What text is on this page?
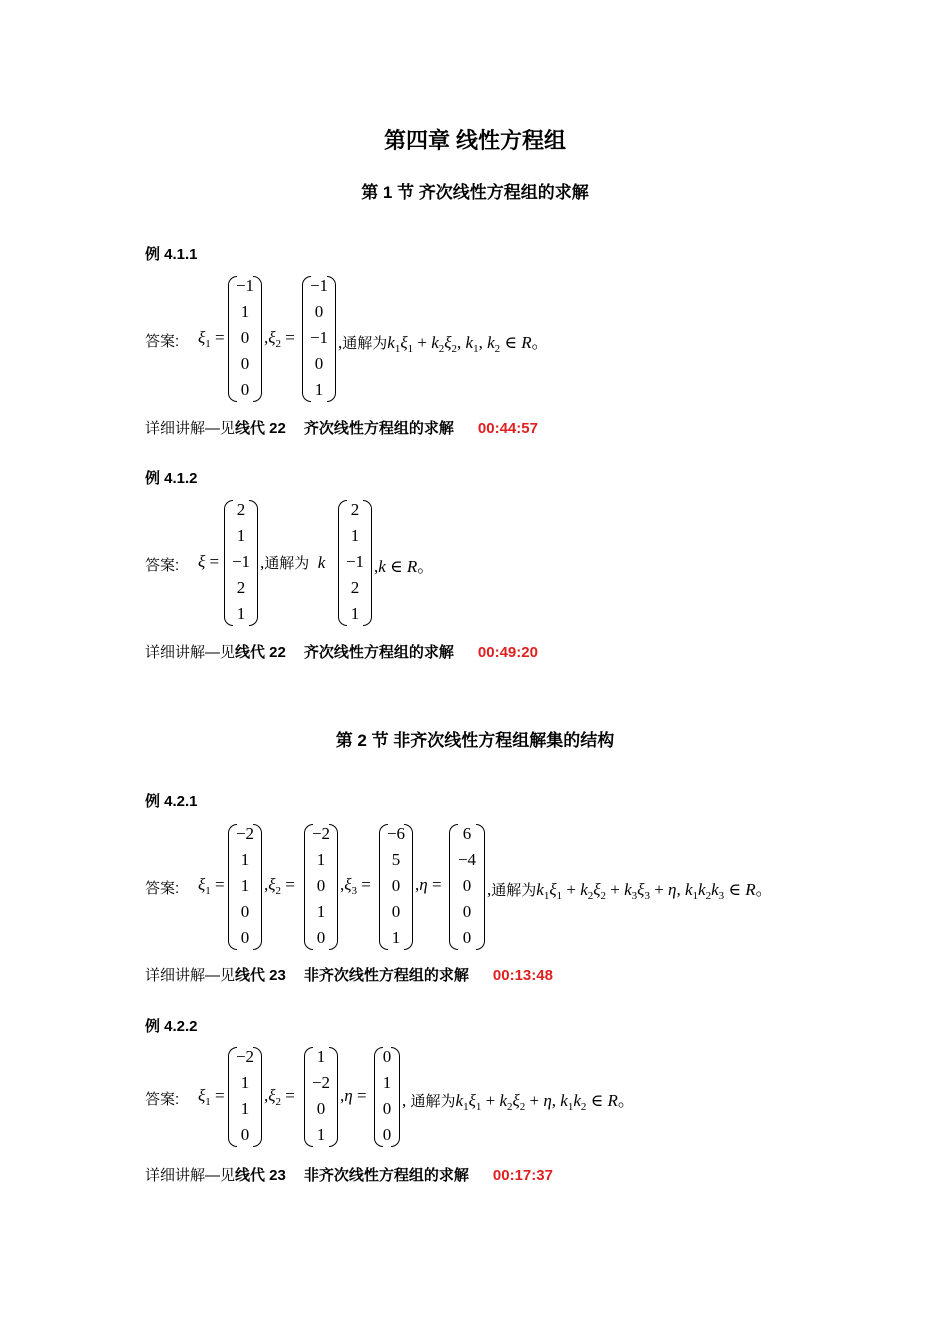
第四章 线性方程组
第 1 节 齐次线性方程组的求解
第 2 节 非齐次线性方程组解集的结构
例 4.1.1
答案: $\xi_1$ =
−1
1
0
0
0
$,\xi_2$ =
−1
0
−1
0
1
,通解为$k_1\xi_1 + k_2\xi_2$, $k_1$, $k_2$ ∈ R。
详细讲解—见线代 22 齐次线性方程组的求解 00:44:57
例 4.1.2
答案: ξ =
2
1
−1
2
1
,通解为 k
2
1
−1
2
1
,k ∈ R。
详细讲解—见线代 22 齐次线性方程组的求解 00:49:20
例 4.2.1
答案: $\xi_1$ =
−2
1
1
0
0
$,\xi_2$ =
−2
1
0
1
0
$,\xi_3$ =
−6
5
0
0
1
,η =
6
−4
0
0
0
,通解为$k_1\xi_1 + k_2\xi_2 + k_3\xi_3 + \eta$, $k_1k_2k_3$ ∈ R。
详细讲解—见线代 23 非齐次线性方程组的求解 00:13:48
例 4.2.2
答案: $\xi_1$ =
−2
1
1
0
$,\xi_2$ =
1
−2
0
1
,η =
0
1
0
0
, 通解为$k_1\xi_1 + k_2\xi_2 + \eta$, $k_1k_2$ ∈ R。
详细讲解—见线代 23 非齐次线性方程组的求解 00:17:37
